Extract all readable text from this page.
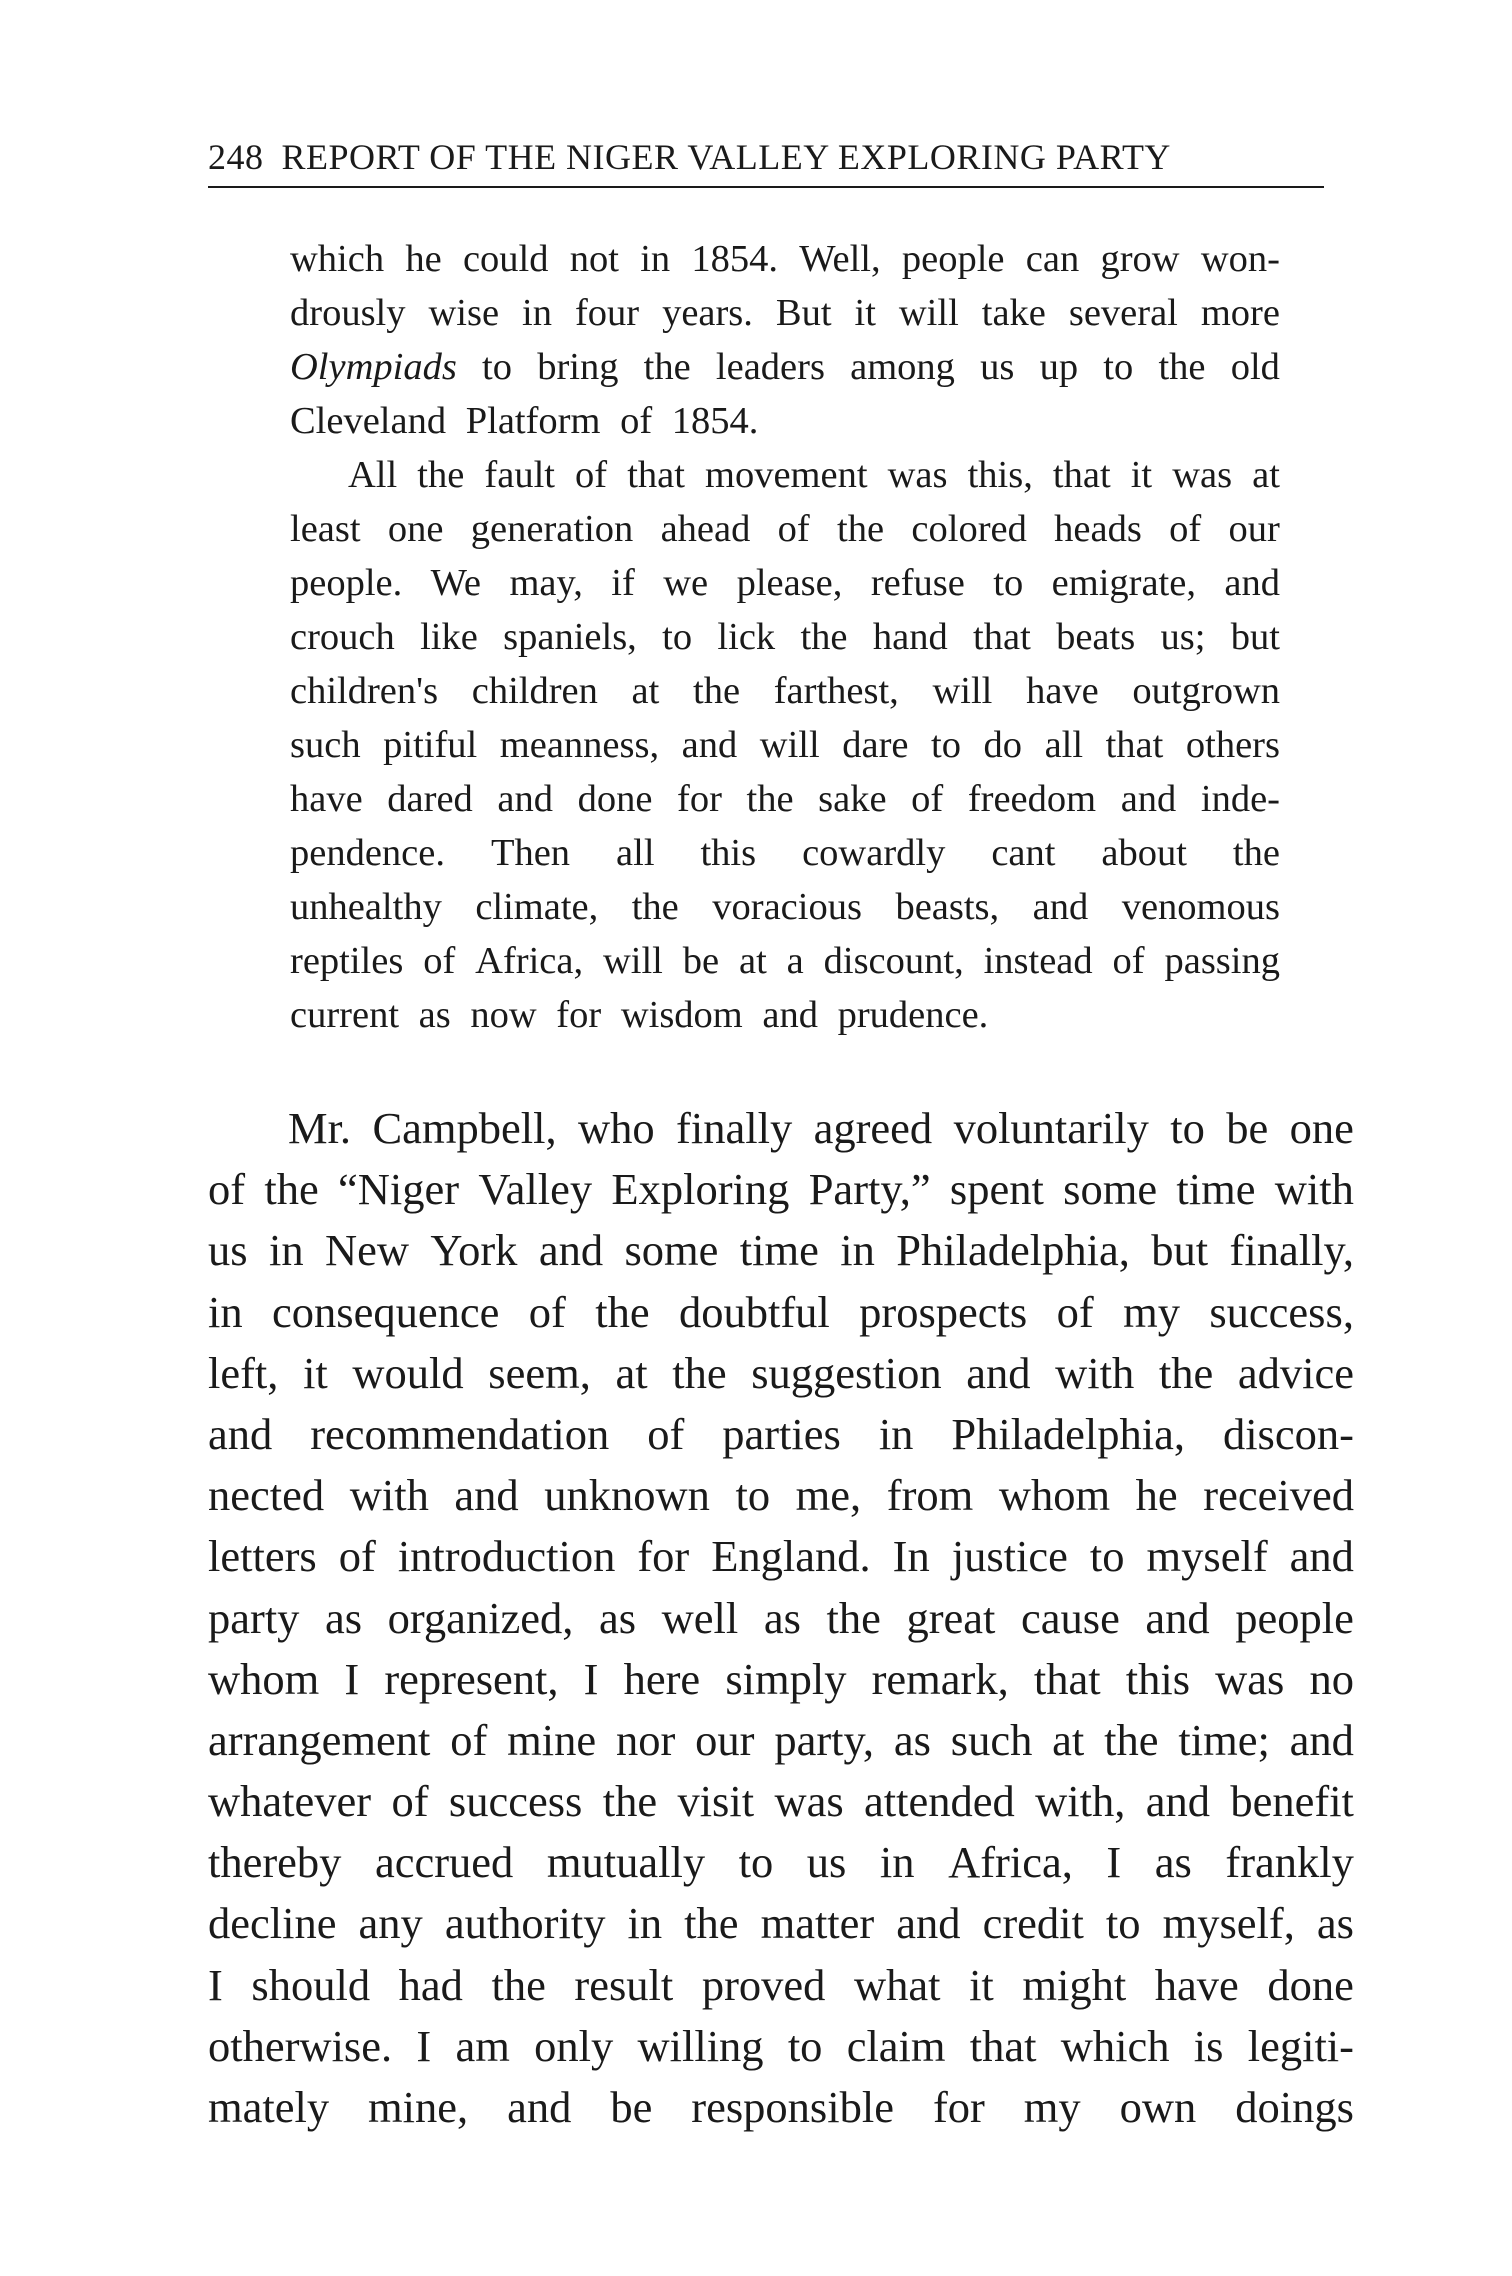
248 REPORT OF THE NIGER VALLEY EXPLORING PARTY
which he could not in 1854. Well, people can grow won-
drously wise in four years. But it will take several more
Olympiads to bring the leaders among us up to the old
Cleveland Platform of 1854.
All the fault of that movement was this, that it was at
least one generation ahead of the colored heads of our
people. We may, if we please, refuse to emigrate, and
crouch like spaniels, to lick the hand that beats us; but
children's children at the farthest, will have outgrown
such pitiful meanness, and will dare to do all that others
have dared and done for the sake of freedom and inde-
pendence. Then all this cowardly cant about the
unhealthy climate, the voracious beasts, and venomous
reptiles of Africa, will be at a discount, instead of passing
current as now for wisdom and prudence.
Mr. Campbell, who finally agreed voluntarily to be one
of the “Niger Valley Exploring Party,” spent some time with
us in New York and some time in Philadelphia, but finally,
in consequence of the doubtful prospects of my success,
left, it would seem, at the suggestion and with the advice
and recommendation of parties in Philadelphia, discon-
nected with and unknown to me, from whom he received
letters of introduction for England. In justice to myself and
party as organized, as well as the great cause and people
whom I represent, I here simply remark, that this was no
arrangement of mine nor our party, as such at the time; and
whatever of success the visit was attended with, and benefit
thereby accrued mutually to us in Africa, I as frankly
decline any authority in the matter and credit to myself, as
I should had the result proved what it might have done
otherwise. I am only willing to claim that which is legiti-
mately mine, and be responsible for my own doings
